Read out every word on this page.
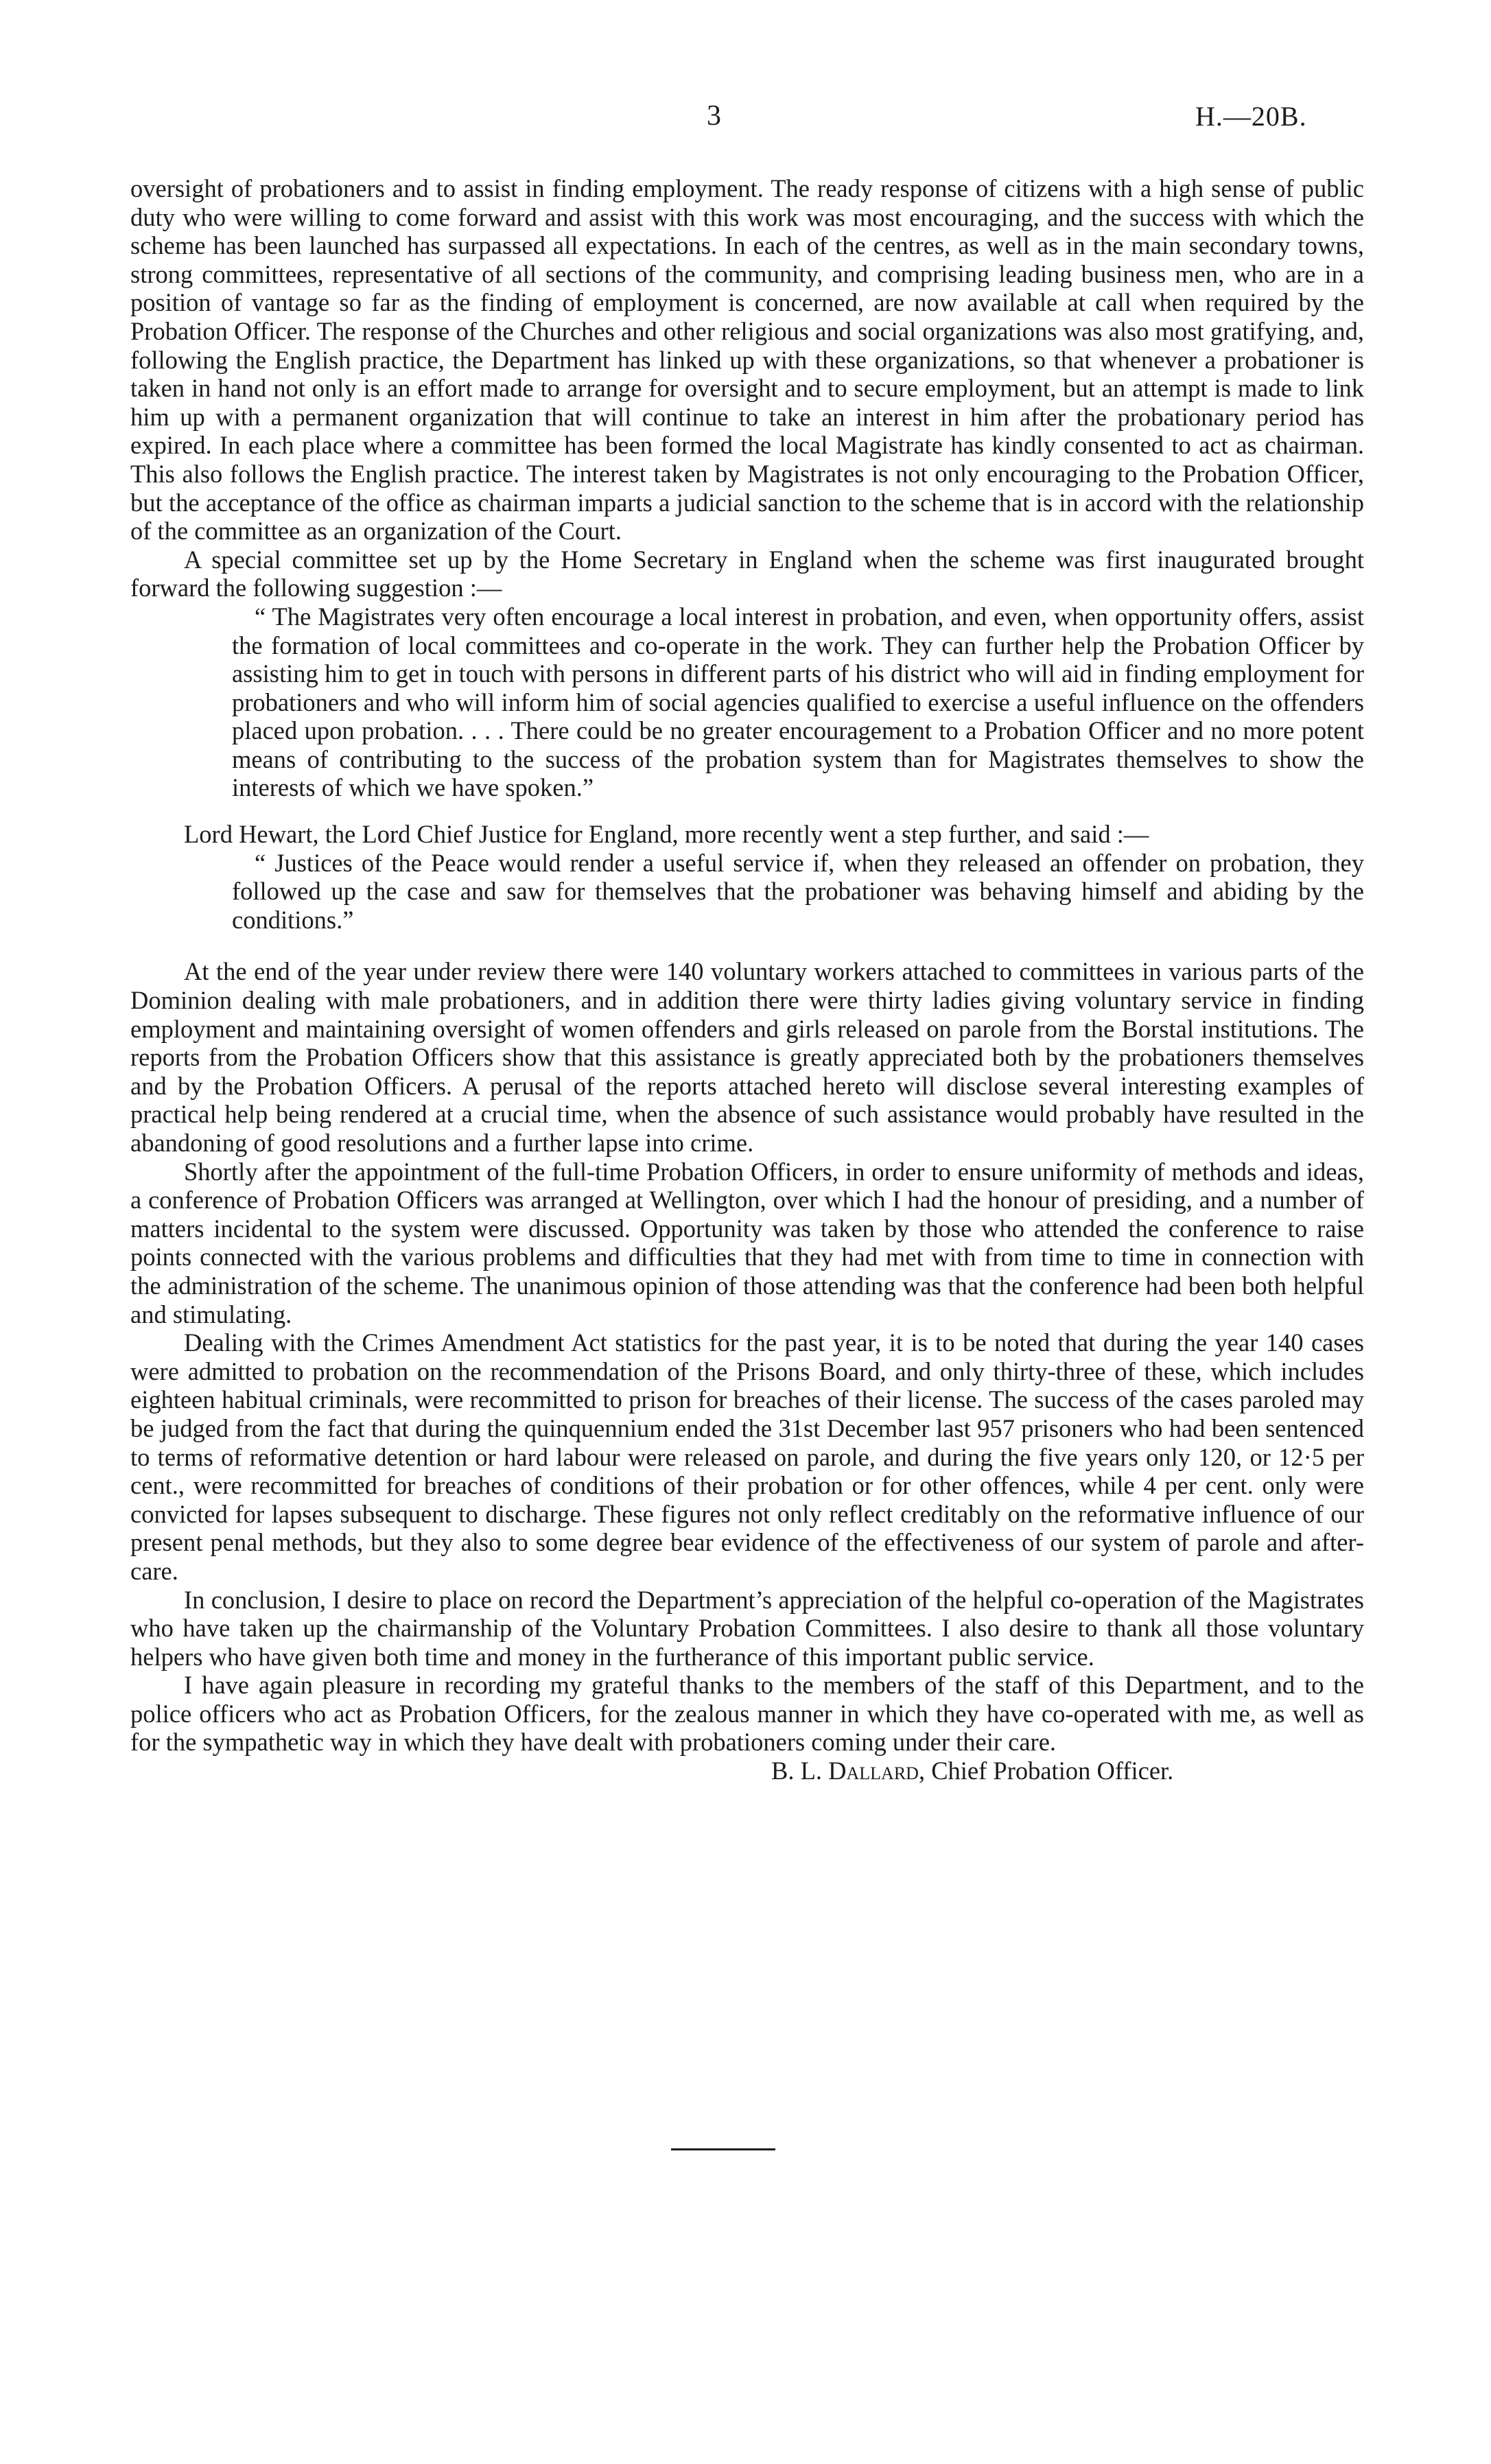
3	H.—20B.

oversight of probationers and to assist in finding employment. The ready response of citizens with a high sense of public duty who were willing to come forward and assist with this work was most encouraging, and the success with which the scheme has been launched has surpassed all expectations. In each of the centres, as well as in the main secondary towns, strong committees, representative of all sections of the community, and comprising leading business men, who are in a position of vantage so far as the finding of employment is concerned, are now available at call when required by the Probation Officer. The response of the Churches and other religious and social organizations was also most gratifying, and, following the English practice, the Department has linked up with these organizations, so that whenever a probationer is taken in hand not only is an effort made to arrange for oversight and to secure employment, but an attempt is made to link him up with a permanent organization that will continue to take an interest in him after the probationary period has expired. In each place where a committee has been formed the local Magistrate has kindly consented to act as chairman. This also follows the English practice. The interest taken by Magistrates is not only encouraging to the Probation Officer, but the acceptance of the office as chairman imparts a judicial sanction to the scheme that is in accord with the relationship of the committee as an organization of the Court.

A special committee set up by the Home Secretary in England when the scheme was first inaugurated brought forward the following suggestion :—

“ The Magistrates very often encourage a local interest in probation, and even, when opportunity offers, assist the formation of local committees and co-operate in the work. They can further help the Probation Officer by assisting him to get in touch with persons in different parts of his district who will aid in finding employment for probationers and who will inform him of social agencies qualified to exercise a useful influence on the offenders placed upon probation. . . . There could be no greater encouragement to a Probation Officer and no more potent means of contributing to the success of the probation system than for Magistrates themselves to show the interests of which we have spoken.”

Lord Hewart, the Lord Chief Justice for England, more recently went a step further, and said :—

“ Justices of the Peace would render a useful service if, when they released an offender on probation, they followed up the case and saw for themselves that the probationer was behaving himself and abiding by the conditions.”

At the end of the year under review there were 140 voluntary workers attached to committees in various parts of the Dominion dealing with male probationers, and in addition there were thirty ladies giving voluntary service in finding employment and maintaining oversight of women offenders and girls released on parole from the Borstal institutions. The reports from the Probation Officers show that this assistance is greatly appreciated both by the probationers themselves and by the Probation Officers. A perusal of the reports attached hereto will disclose several interesting examples of practical help being rendered at a crucial time, when the absence of such assistance would probably have resulted in the abandoning of good resolutions and a further lapse into crime.

Shortly after the appointment of the full-time Probation Officers, in order to ensure uniformity of methods and ideas, a conference of Probation Officers was arranged at Wellington, over which I had the honour of presiding, and a number of matters incidental to the system were discussed. Opportunity was taken by those who attended the conference to raise points connected with the various problems and difficulties that they had met with from time to time in connection with the administration of the scheme. The unanimous opinion of those attending was that the conference had been both helpful and stimulating.

Dealing with the Crimes Amendment Act statistics for the past year, it is to be noted that during the year 140 cases were admitted to probation on the recommendation of the Prisons Board, and only thirty-three of these, which includes eighteen habitual criminals, were recommitted to prison for breaches of their license. The success of the cases paroled may be judged from the fact that during the quinquennium ended the 31st December last 957 prisoners who had been sentenced to terms of reformative detention or hard labour were released on parole, and during the five years only 120, or 12·5 per cent., were recommitted for breaches of conditions of their probation or for other offences, while 4 per cent. only were convicted for lapses subsequent to discharge. These figures not only reflect creditably on the reformative influence of our present penal methods, but they also to some degree bear evidence of the effectiveness of our system of parole and after-care.

In conclusion, I desire to place on record the Department’s appreciation of the helpful co-operation of the Magistrates who have taken up the chairmanship of the Voluntary Probation Committees. I also desire to thank all those voluntary helpers who have given both time and money in the furtherance of this important public service.

I have again pleasure in recording my grateful thanks to the members of the staff of this Department, and to the police officers who act as Probation Officers, for the zealous manner in which they have co-operated with me, as well as for the sympathetic way in which they have dealt with probationers coming under their care.

B. L. Dallard, Chief Probation Officer.
